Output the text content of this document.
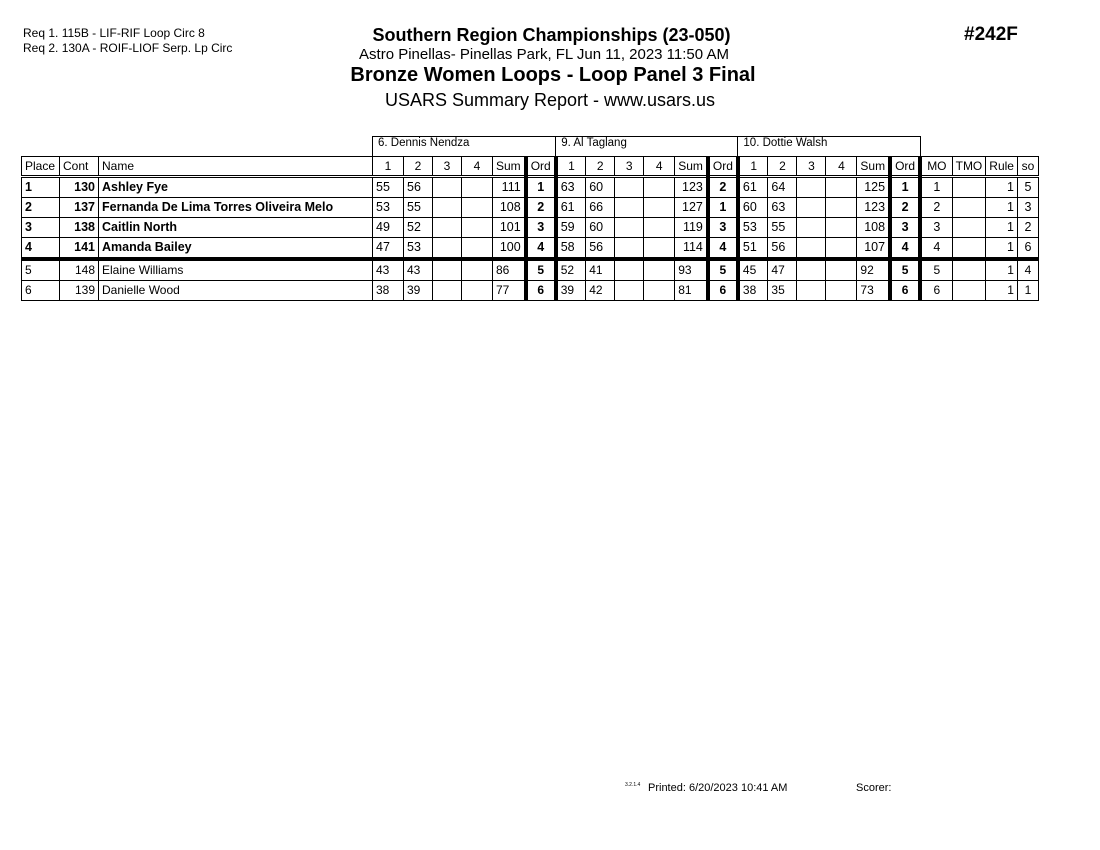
Req 1. 115B - LIF-RIF Loop Circ 8
Req 2. 130A - ROIF-LIOF Serp. Lp Circ
Southern Region Championships (23-050)
Astro Pinellas- Pinellas Park, FL Jun 11, 2023 11:50 AM
Bronze Women Loops - Loop Panel 3 Final
USARS Summary Report - www.usars.us
#242F
			6. Dennis Nendza						9. Al Taglang						10. Dottie Walsh									
Place	Cont	Name	1	2	3	4	Sum	Ord	1	2	3	4	Sum	Ord	1	2	3	4	Sum	Ord	MO	TMO	Rule	so
1	130	Ashley Fye	55	56			111	1	63	60			123	2	61	64			125	1	1		1	5
2	137	Fernanda De Lima Torres Oliveira Melo	53	55			108	2	61	66			127	1	60	63			123	2	2		1	3
3	138	Caitlin North	49	52			101	3	59	60			119	3	53	55			108	3	3		1	2
4	141	Amanda Bailey	47	53			100	4	58	56			114	4	51	56			107	4	4		1	6
5	148	Elaine Williams	43	43			86	5	52	41			93	5	45	47			92	5	5		1	4
6	139	Danielle Wood	38	39			77	6	39	42			81	6	38	35			73	6	6		1	1
3.2.1.4 Printed: 6/20/2023 10:41 AM	Scorer:
